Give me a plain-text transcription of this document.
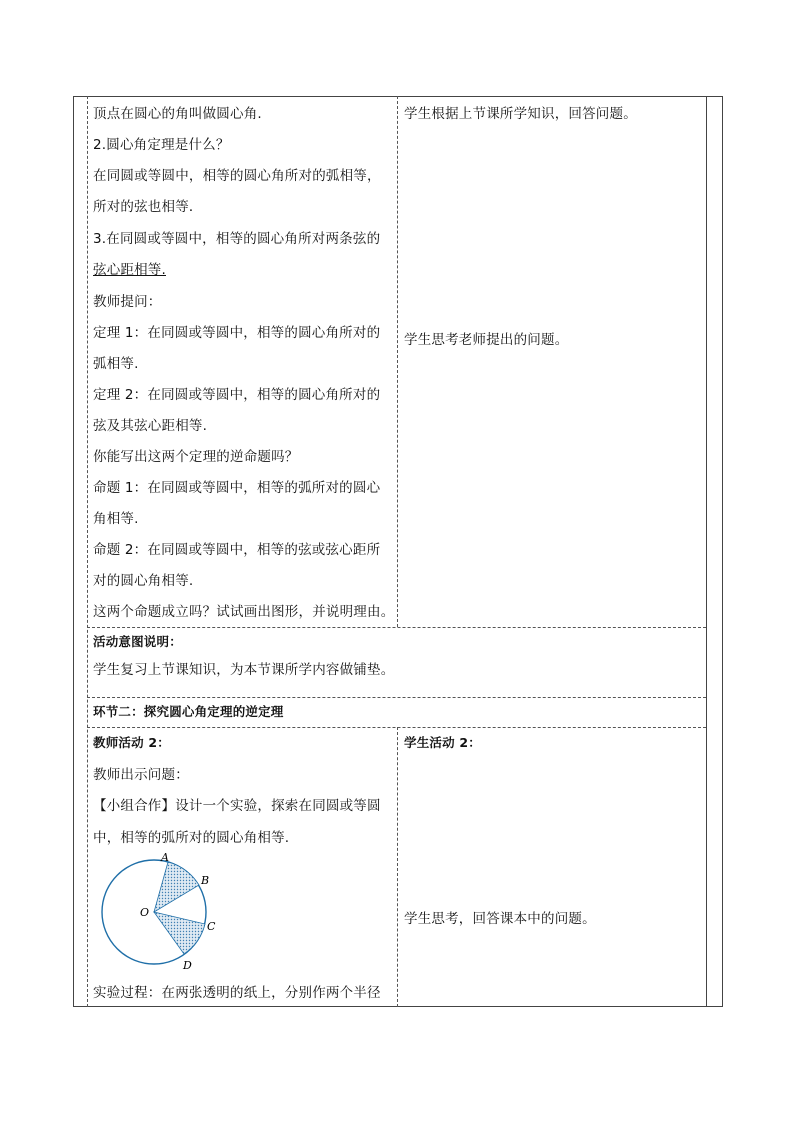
顶点在圆心的角叫做圆心角.
2.圆心角定理是什么？
在同圆或等圆中，相等的圆心角所对的弧相等，
所对的弦也相等．
3.在同圆或等圆中，相等的圆心角所对两条弦的
弦心距相等.
教师提问：
定理 1：在同圆或等圆中，相等的圆心角所对的
弧相等.
定理 2：在同圆或等圆中，相等的圆心角所对的
弦及其弦心距相等.
你能写出这两个定理的逆命题吗？
命题 1：在同圆或等圆中，相等的弧所对的圆心
角相等.
命题 2：在同圆或等圆中，相等的弦或弦心距所
对的圆心角相等.
这两个命题成立吗？试试画出图形，并说明理由。
学生根据上节课所学知识，回答问题。
学生思考老师提出的问题。
活动意图说明：
学生复习上节课知识，为本节课所学内容做铺垫。
环节二：探究圆心角定理的逆定理
教师活动 2：
教师出示问题：
【小组合作】设计一个实验，探索在同圆或等圆
中，相等的弧所对的圆心角相等.
A
B
O
C
D
实验过程：在两张透明的纸上，分别作两个半径
学生活动 2：
学生思考，回答课本中的问题。
